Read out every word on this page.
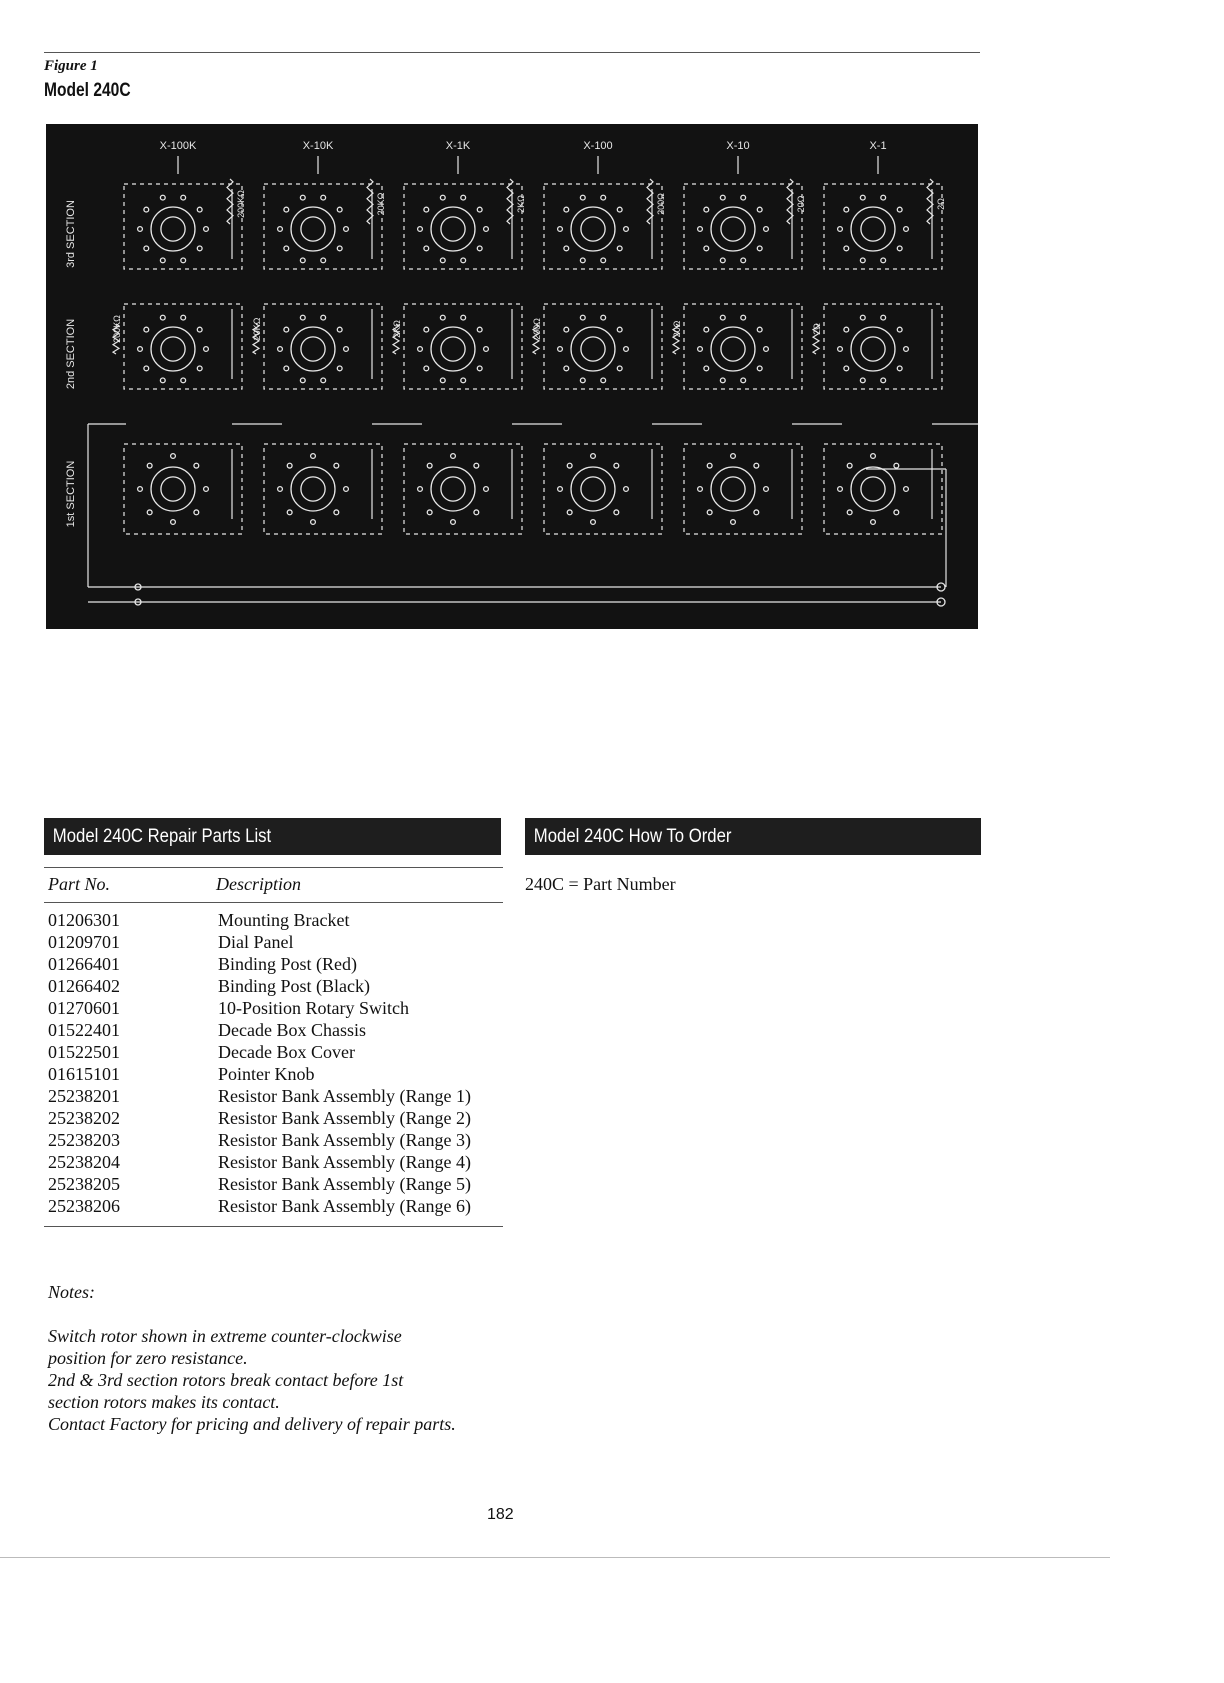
Figure 1
Model 240C
3rd SECTION
2nd SECTION
1st SECTION
X-100K
200KΩ
200KΩ
X-10K
20KΩ
20KΩ
X-1K
2KΩ
2KΩ
X-100
200Ω
200Ω
X-10
20Ω
20Ω
X-1
2Ω
2Ω
Model 240C Repair Parts List	Model 240C How To Order
Part No.	Description	240C = Part Number
01206301	Mounting Bracket
01209701	Dial Panel
01266401	Binding Post (Red)
01266402	Binding Post (Black)
01270601	10-Position Rotary Switch
01522401	Decade Box Chassis
01522501	Decade Box Cover
01615101	Pointer Knob
25238201	Resistor Bank Assembly (Range 1)
25238202	Resistor Bank Assembly (Range 2)
25238203	Resistor Bank Assembly (Range 3)
25238204	Resistor Bank Assembly (Range 4)
25238205	Resistor Bank Assembly (Range 5)
25238206	Resistor Bank Assembly (Range 6)
Notes:
Switch rotor shown in extreme counter-clockwise
position for zero resistance.
2nd & 3rd section rotors break contact before 1st
section rotors makes its contact.
Contact Factory for pricing and delivery of repair parts.
182
